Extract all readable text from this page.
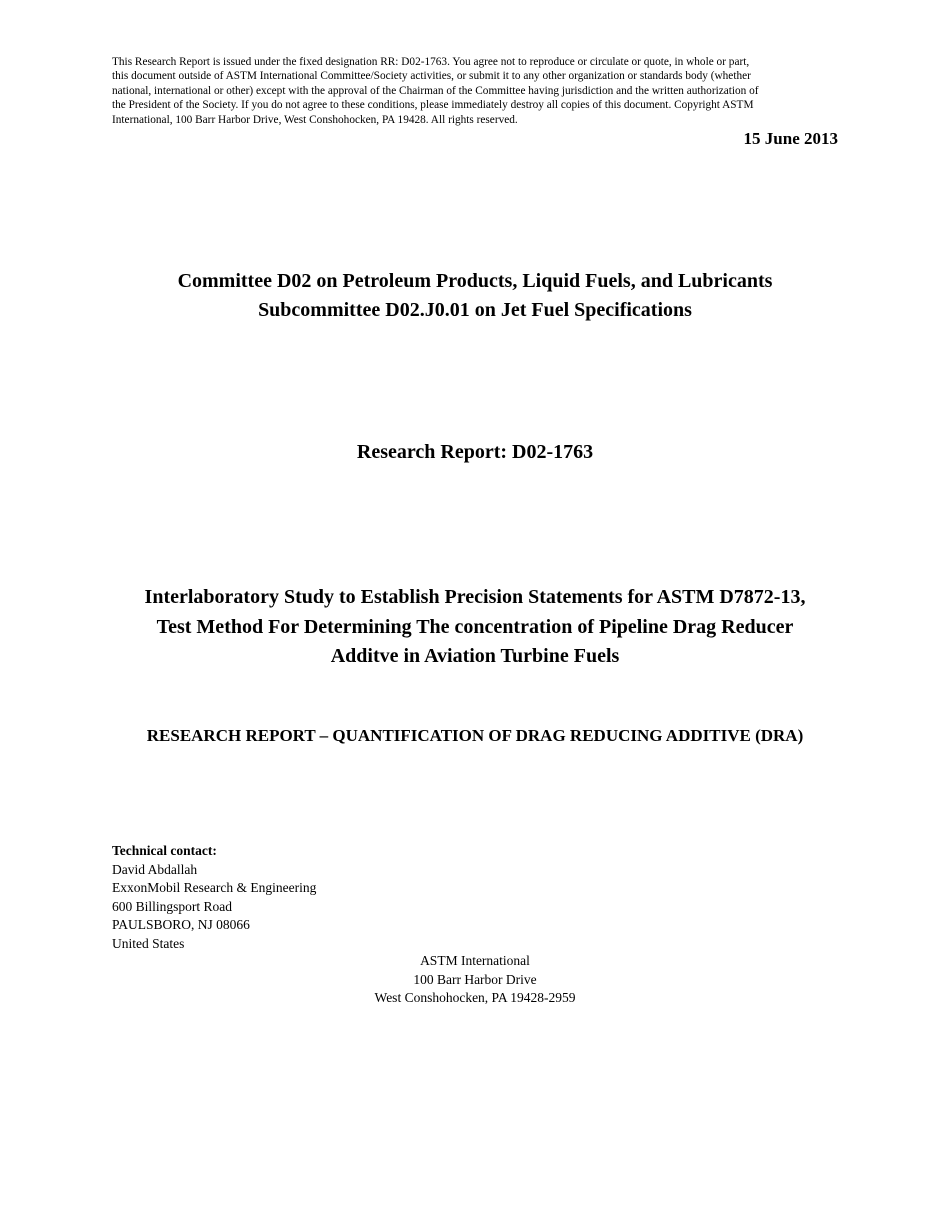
This Research Report is issued under the fixed designation RR: D02-1763. You agree not to reproduce or circulate or quote, in whole or part,
this document outside of ASTM International Committee/Society activities, or submit it to any other organization or standards body (whether
national, international or other) except with the approval of the Chairman of the Committee having jurisdiction and the written authorization of
the President of the Society. If you do not agree to these conditions, please immediately destroy all copies of this document. Copyright ASTM
International, 100 Barr Harbor Drive, West Conshohocken, PA 19428. All rights reserved.
15 June 2013
Committee D02 on Petroleum Products, Liquid Fuels, and Lubricants
Subcommittee D02.J0.01 on Jet Fuel Specifications
Research Report: D02-1763
Interlaboratory Study to Establish Precision Statements for ASTM D7872-13,
Test Method For Determining The concentration of Pipeline Drag Reducer
Additve in Aviation Turbine Fuels
RESEARCH REPORT – QUANTIFICATION OF DRAG REDUCING ADDITIVE (DRA)
Technical contact:
David Abdallah
ExxonMobil Research & Engineering
600 Billingsport Road
PAULSBORO, NJ 08066
United States
ASTM International
100 Barr Harbor Drive
West Conshohocken, PA 19428-2959
